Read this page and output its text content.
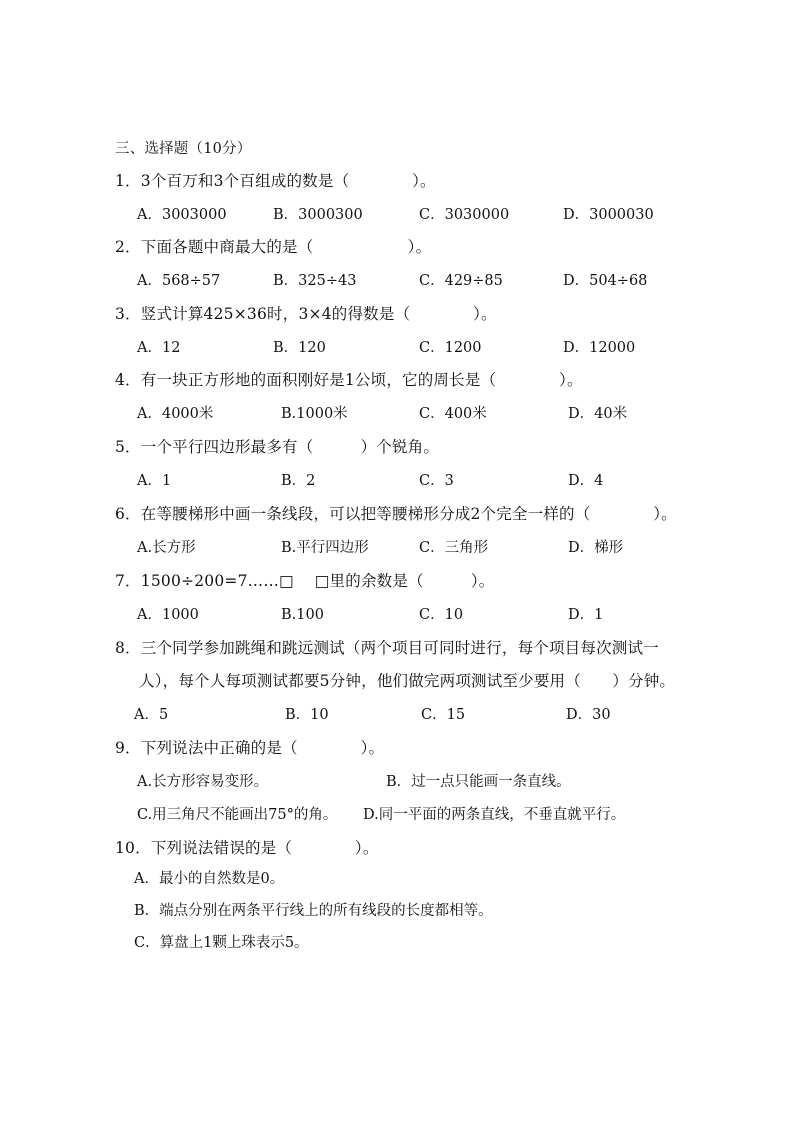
三、选择题（10分）
1．3个百万和3个百组成的数是（　　　　）。
A．3003000	B．3000300	C．3030000	D．3000030
2．下面各题中商最大的是（　　　　　　）。
A．568÷57	B．325÷43	C．429÷85	D．504÷68
3．竖式计算425×36时，3×4的得数是（　　　　）。
A．12	B．120	C．1200	D．12000
4．有一块正方形地的面积刚好是1公顷，它的周长是（　　　　）。
A．4000米	B.1000米	C．400米	D．40米
5．一个平行四边形最多有（　　　）个锐角。
A．1	B．2	C．3	D．4
6．在等腰梯形中画一条线段，可以把等腰梯形分成2个完全一样的（　　　　）。
A.长方形	B.平行四边形	C．三角形	D．梯形
7．1500÷200=7……□　 □里的余数是（　　　）。
A．1000	B.100	C．10	D．1
8．三个同学参加跳绳和跳远测试（两个项目可同时进行，每个项目每次测试一
人），每个人每项测试都要5分钟，他们做完两项测试至少要用（　　）分钟。
A．5	B．10	C．15	D．30
9．下列说法中正确的是（　　　　）。
A.长方形容易变形。	B．过一点只能画一条直线。
C.用三角尺不能画出75°的角。 D.同一平面的两条直线，不垂直就平行。
10．下列说法错误的是（　　　　）。
A．最小的自然数是0。
B．端点分别在两条平行线上的所有线段的长度都相等。
C．算盘上1颗上珠表示5。
